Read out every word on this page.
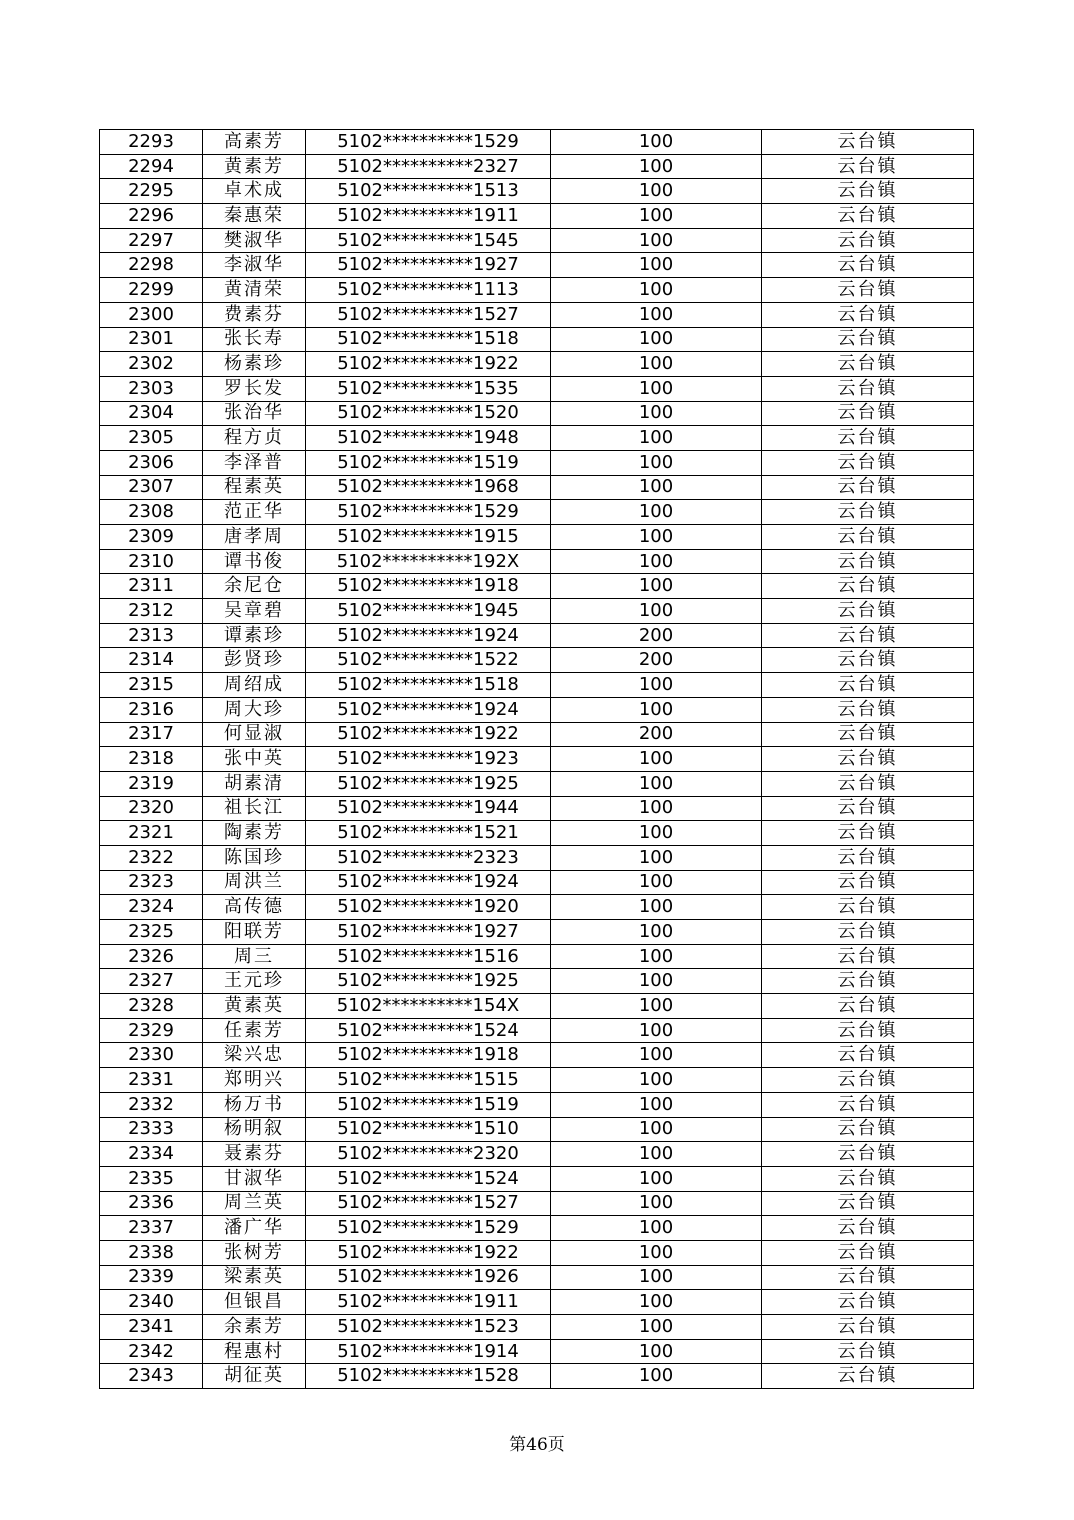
2293	高素芳	5102**********1529	100	云台镇
2294	黄素芳	5102**********2327	100	云台镇
2295	卓术成	5102**********1513	100	云台镇
2296	秦惠荣	5102**********1911	100	云台镇
2297	樊淑华	5102**********1545	100	云台镇
2298	李淑华	5102**********1927	100	云台镇
2299	黄清荣	5102**********1113	100	云台镇
2300	费素芬	5102**********1527	100	云台镇
2301	张长寿	5102**********1518	100	云台镇
2302	杨素珍	5102**********1922	100	云台镇
2303	罗长发	5102**********1535	100	云台镇
2304	张治华	5102**********1520	100	云台镇
2305	程方贞	5102**********1948	100	云台镇
2306	李泽普	5102**********1519	100	云台镇
2307	程素英	5102**********1968	100	云台镇
2308	范正华	5102**********1529	100	云台镇
2309	唐孝周	5102**********1915	100	云台镇
2310	谭书俊	5102**********192X	100	云台镇
2311	余尼仓	5102**********1918	100	云台镇
2312	吴章碧	5102**********1945	100	云台镇
2313	谭素珍	5102**********1924	200	云台镇
2314	彭贤珍	5102**********1522	200	云台镇
2315	周绍成	5102**********1518	100	云台镇
2316	周大珍	5102**********1924	100	云台镇
2317	何显淑	5102**********1922	200	云台镇
2318	张中英	5102**********1923	100	云台镇
2319	胡素清	5102**********1925	100	云台镇
2320	祖长江	5102**********1944	100	云台镇
2321	陶素芳	5102**********1521	100	云台镇
2322	陈国珍	5102**********2323	100	云台镇
2323	周洪兰	5102**********1924	100	云台镇
2324	高传德	5102**********1920	100	云台镇
2325	阳联芳	5102**********1927	100	云台镇
2326	周三	5102**********1516	100	云台镇
2327	王元珍	5102**********1925	100	云台镇
2328	黄素英	5102**********154X	100	云台镇
2329	任素芳	5102**********1524	100	云台镇
2330	梁兴忠	5102**********1918	100	云台镇
2331	郑明兴	5102**********1515	100	云台镇
2332	杨万书	5102**********1519	100	云台镇
2333	杨明叙	5102**********1510	100	云台镇
2334	聂素芬	5102**********2320	100	云台镇
2335	甘淑华	5102**********1524	100	云台镇
2336	周兰英	5102**********1527	100	云台镇
2337	潘广华	5102**********1529	100	云台镇
2338	张树芳	5102**********1922	100	云台镇
2339	梁素英	5102**********1926	100	云台镇
2340	但银昌	5102**********1911	100	云台镇
2341	余素芳	5102**********1523	100	云台镇
2342	程惠村	5102**********1914	100	云台镇
2343	胡征英	5102**********1528	100	云台镇
第46页
